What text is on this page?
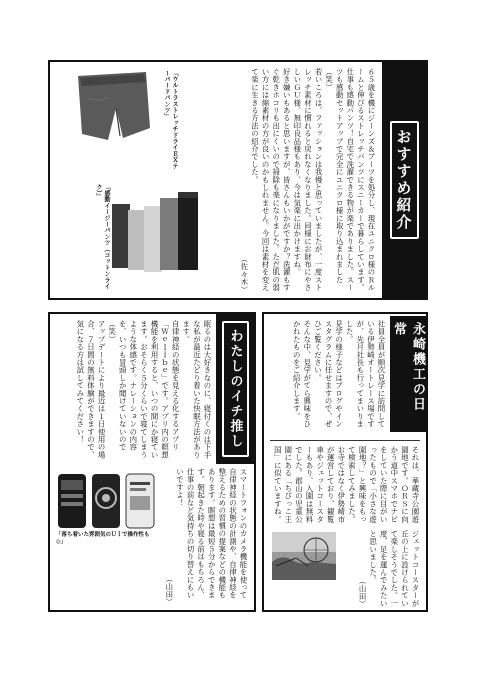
おすすめ紹介

６５歳を機にジーンズ＆ブーツを処分し、現在ユニクロ様のＲルームと伸びるストレッチパンツにスニーカーで暮らしています。仕事も感動パンツ！自宅で洗濯できる物が楽でありました。スーツも感動セットアップで完全にユニクロ様に取り込まれました（笑）

若いころは、ファッションは我慢と思っていましたが、一度ストレッチ素材に慣れると戻れなくなりました。同様にお財布にやさしいＧＵ様、無印良品様もあり、今は気楽に出かけますね。

好き嫌いもあると思いますが、皆さんもいかがですか？洗濯もすぐ乾きホコリも出にくいので掃除も楽になりました。ただ肌の弱い方には綿素材の方が良いのかもしれません。今回は素材を変えて楽に生きる方法の紹介でした。

（佐々木）

「ウルトラストレッチドライＥＸテーパードパンツ」
「感動イージーパンツ（コットンライク）」
永崎機工の日常

社員全員が順次見学に訪問している伊勢崎オートレース場ですが、先月社長も行ってまいりました。

見学の様子などはブログやインスタグラムに任せますので、ぜひご覧ください。

そんな中、見学がてら興味をひかれたものをご紹介します。

それは、華蔵寺公園遊園地です。ＯＲＳに向かう道中スマホでナビをしていた際に目がいったもので「小さな遊園地？」と興味をもって検索してみました。

お寺ではなく伊勢崎市が運営しており、観覧車やジェットコースターもあり、入園は無料でした。郡山の児童公園にある「ちびっこ王国」に似ていますね。

ジェットコースターが丘の上に設けられていて楽しそうでした。一度、足を運んでみたいと思いました。

（山田）

わたしのイチ推し

眠るのは大好きなのに、寝付くのは下手な私が最近たどり着いた快眠方法があります。

自律神経の状態を見える化するアプリ「Ｗｅｌｌｂｅ」です。アプリ内の瞑想機能を利用すると、いつの間にか寝ています。おそらく５分くらいで寝てしまうような体感です。ナレーションの内容を、いつも冒頭しか聞けていないので（笑）

アップデートにより最近は１日使用の場合、７日間の無料体験ができますので、気になる方は試してみてください！

スマートフォンのカメラ機能を使って自律神経の状態の計測や、自律神経を整えるための習慣の提案などの機能もあります。瞑想は最短５分からできます。朝起きた時や寝る前はもちろん、仕事の前など気持ちの切り替えにもいいですよ！

（山田）

「落ち着いた雰囲気のＵＩで操作性も◎」
